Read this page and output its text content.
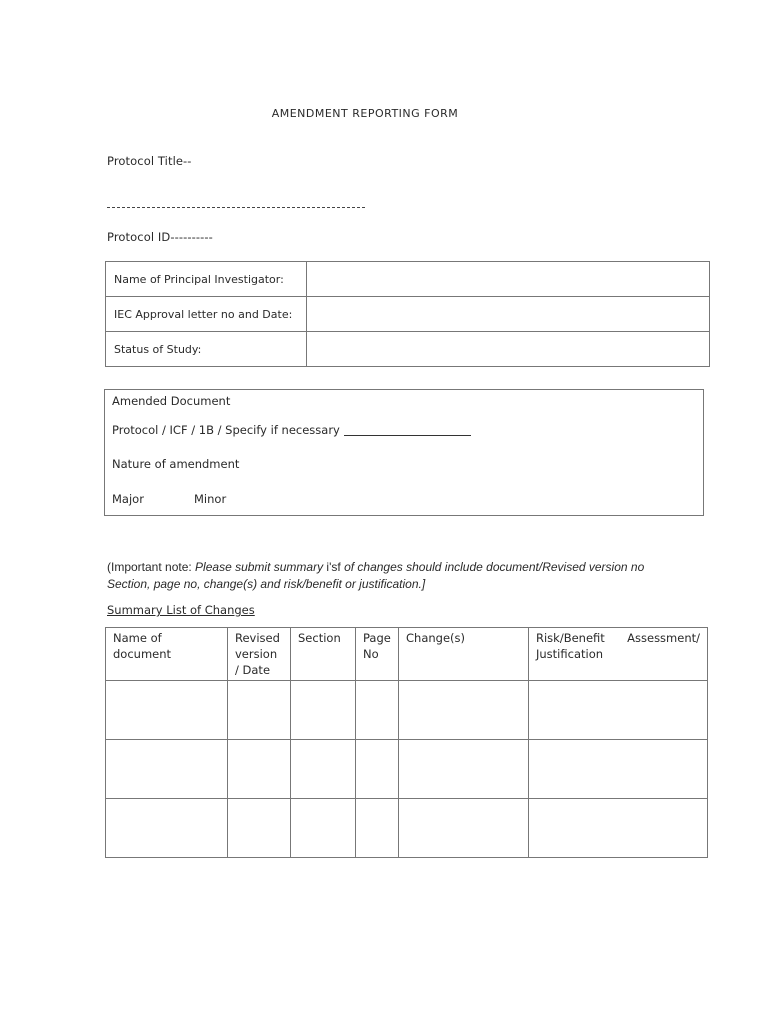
AMENDMENT REPORTING FORM
Protocol Title--
Protocol ID----------
Name of Principal Investigator:	
IEC Approval letter no and Date:	
Status of Study:	
Amended Document
Protocol / ICF / 1B / Specify if necessary
Nature of amendment
Major	Minor
(Important note: Please submit summary i'sf of changes should include document/Revised version no Section, page no, change(s) and risk/benefit or justification.]
Summary List of Changes
Name of document	Revised version / Date	Section	Page No	Change(s)	Risk/Benefit Assessment/
Justification
